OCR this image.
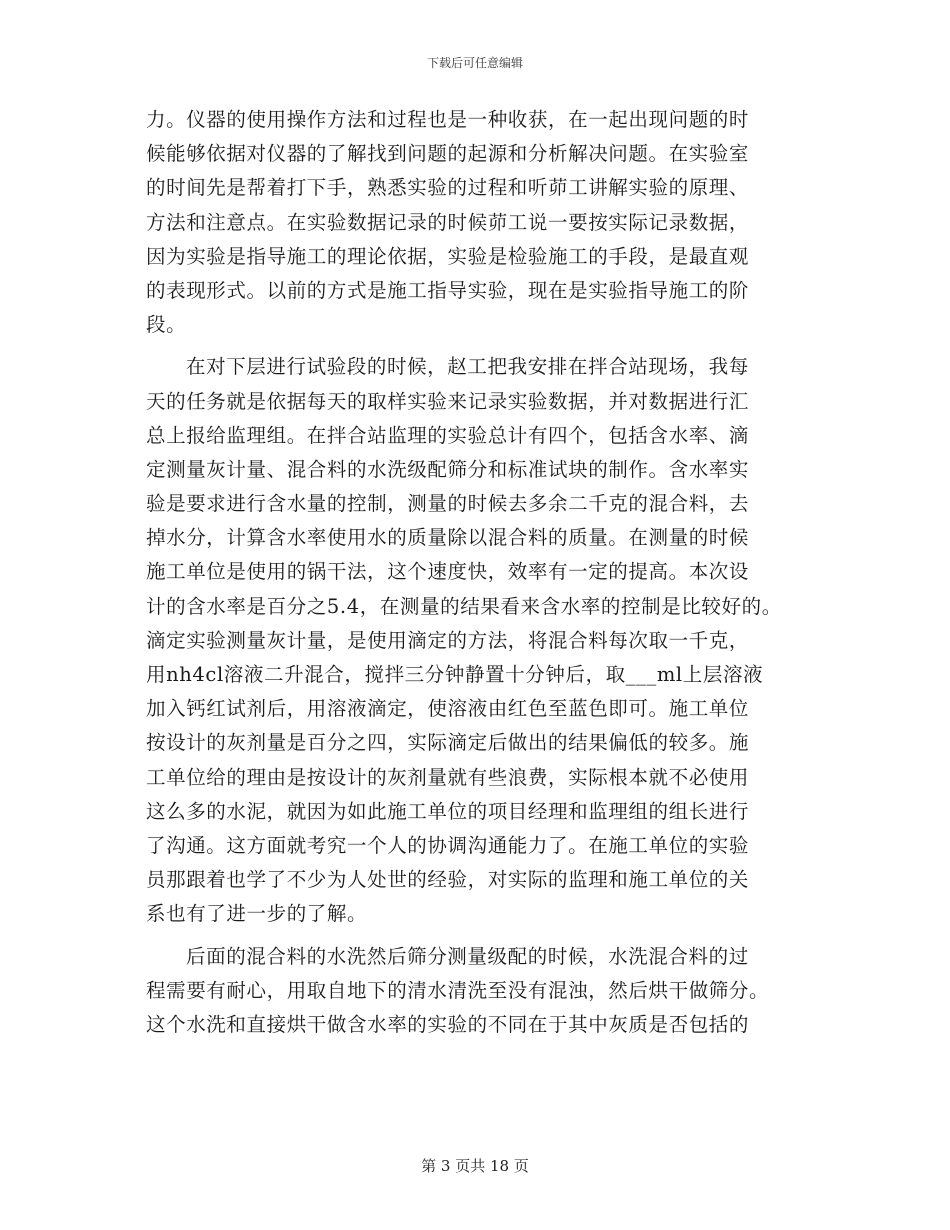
下载后可任意编辑
力。仪器的使用操作方法和过程也是一种收获，在一起出现问题的时
候能够依据对仪器的了解找到问题的起源和分析解决问题。在实验室
的时间先是帮着打下手，熟悉实验的过程和听茆工讲解实验的原理、
方法和注意点。在实验数据记录的时候茆工说一要按实际记录数据，
因为实验是指导施工的理论依据，实验是检验施工的手段，是最直观
的表现形式。以前的方式是施工指导实验，现在是实验指导施工的阶
段。
在对下层进行试验段的时候，赵工把我安排在拌合站现场，我每
天的任务就是依据每天的取样实验来记录实验数据，并对数据进行汇
总上报给监理组。在拌合站监理的实验总计有四个，包括含水率、滴
定测量灰计量、混合料的水洗级配筛分和标准试块的制作。含水率实
验是要求进行含水量的控制，测量的时候去多余二千克的混合料，去
掉水分，计算含水率使用水的质量除以混合料的质量。在测量的时候
施工单位是使用的锅干法，这个速度快，效率有一定的提高。本次设
计的含水率是百分之5.4，在测量的结果看来含水率的控制是比较好的。
滴定实验测量灰计量，是使用滴定的方法，将混合料每次取一千克，
用nh4cl溶液二升混合，搅拌三分钟静置十分钟后，取___ml上层溶液
加入钙红试剂后，用溶液滴定，使溶液由红色至蓝色即可。施工单位
按设计的灰剂量是百分之四，实际滴定后做出的结果偏低的较多。施
工单位给的理由是按设计的灰剂量就有些浪费，实际根本就不必使用
这么多的水泥，就因为如此施工单位的项目经理和监理组的组长进行
了沟通。这方面就考究一个人的协调沟通能力了。在施工单位的实验
员那跟着也学了不少为人处世的经验，对实际的监理和施工单位的关
系也有了进一步的了解。
后面的混合料的水洗然后筛分测量级配的时候，水洗混合料的过
程需要有耐心，用取自地下的清水清洗至没有混浊，然后烘干做筛分。
这个水洗和直接烘干做含水率的实验的不同在于其中灰质是否包括的
第 3 页共 18 页
